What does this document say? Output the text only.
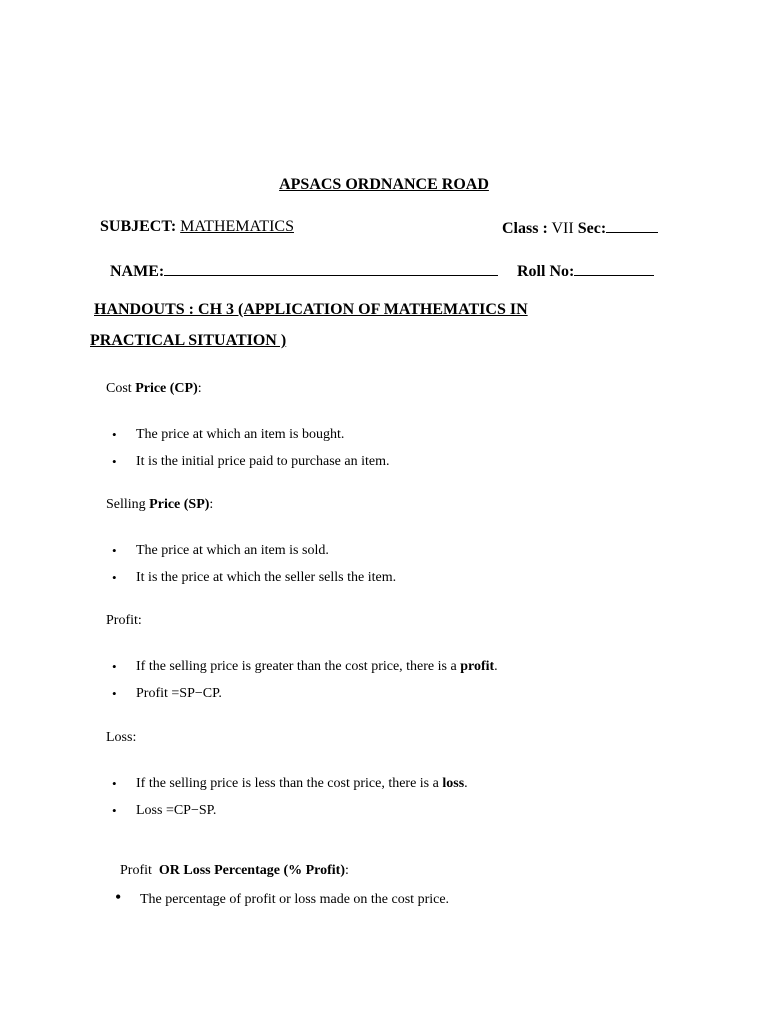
APSACS ORDNANCE ROAD
SUBJECT: MATHEMATICS	Class : VII Sec:
NAME:	Roll No:
HANDOUTS : CH 3 (APPLICATION OF MATHEMATICS IN
PRACTICAL SITUATION )
Cost Price (CP):
• The price at which an item is bought.
• It is the initial price paid to purchase an item.
Selling Price (SP):
• The price at which an item is sold.
• It is the price at which the seller sells the item.
Profit:
• If the selling price is greater than the cost price, there is a profit.
• Profit =SP−CP.
Loss:
• If the selling price is less than the cost price, there is a loss.
• Loss =CP−SP.

Profit  OR Loss Percentage (% Profit):

• The percentage of profit or loss made on the cost price.
